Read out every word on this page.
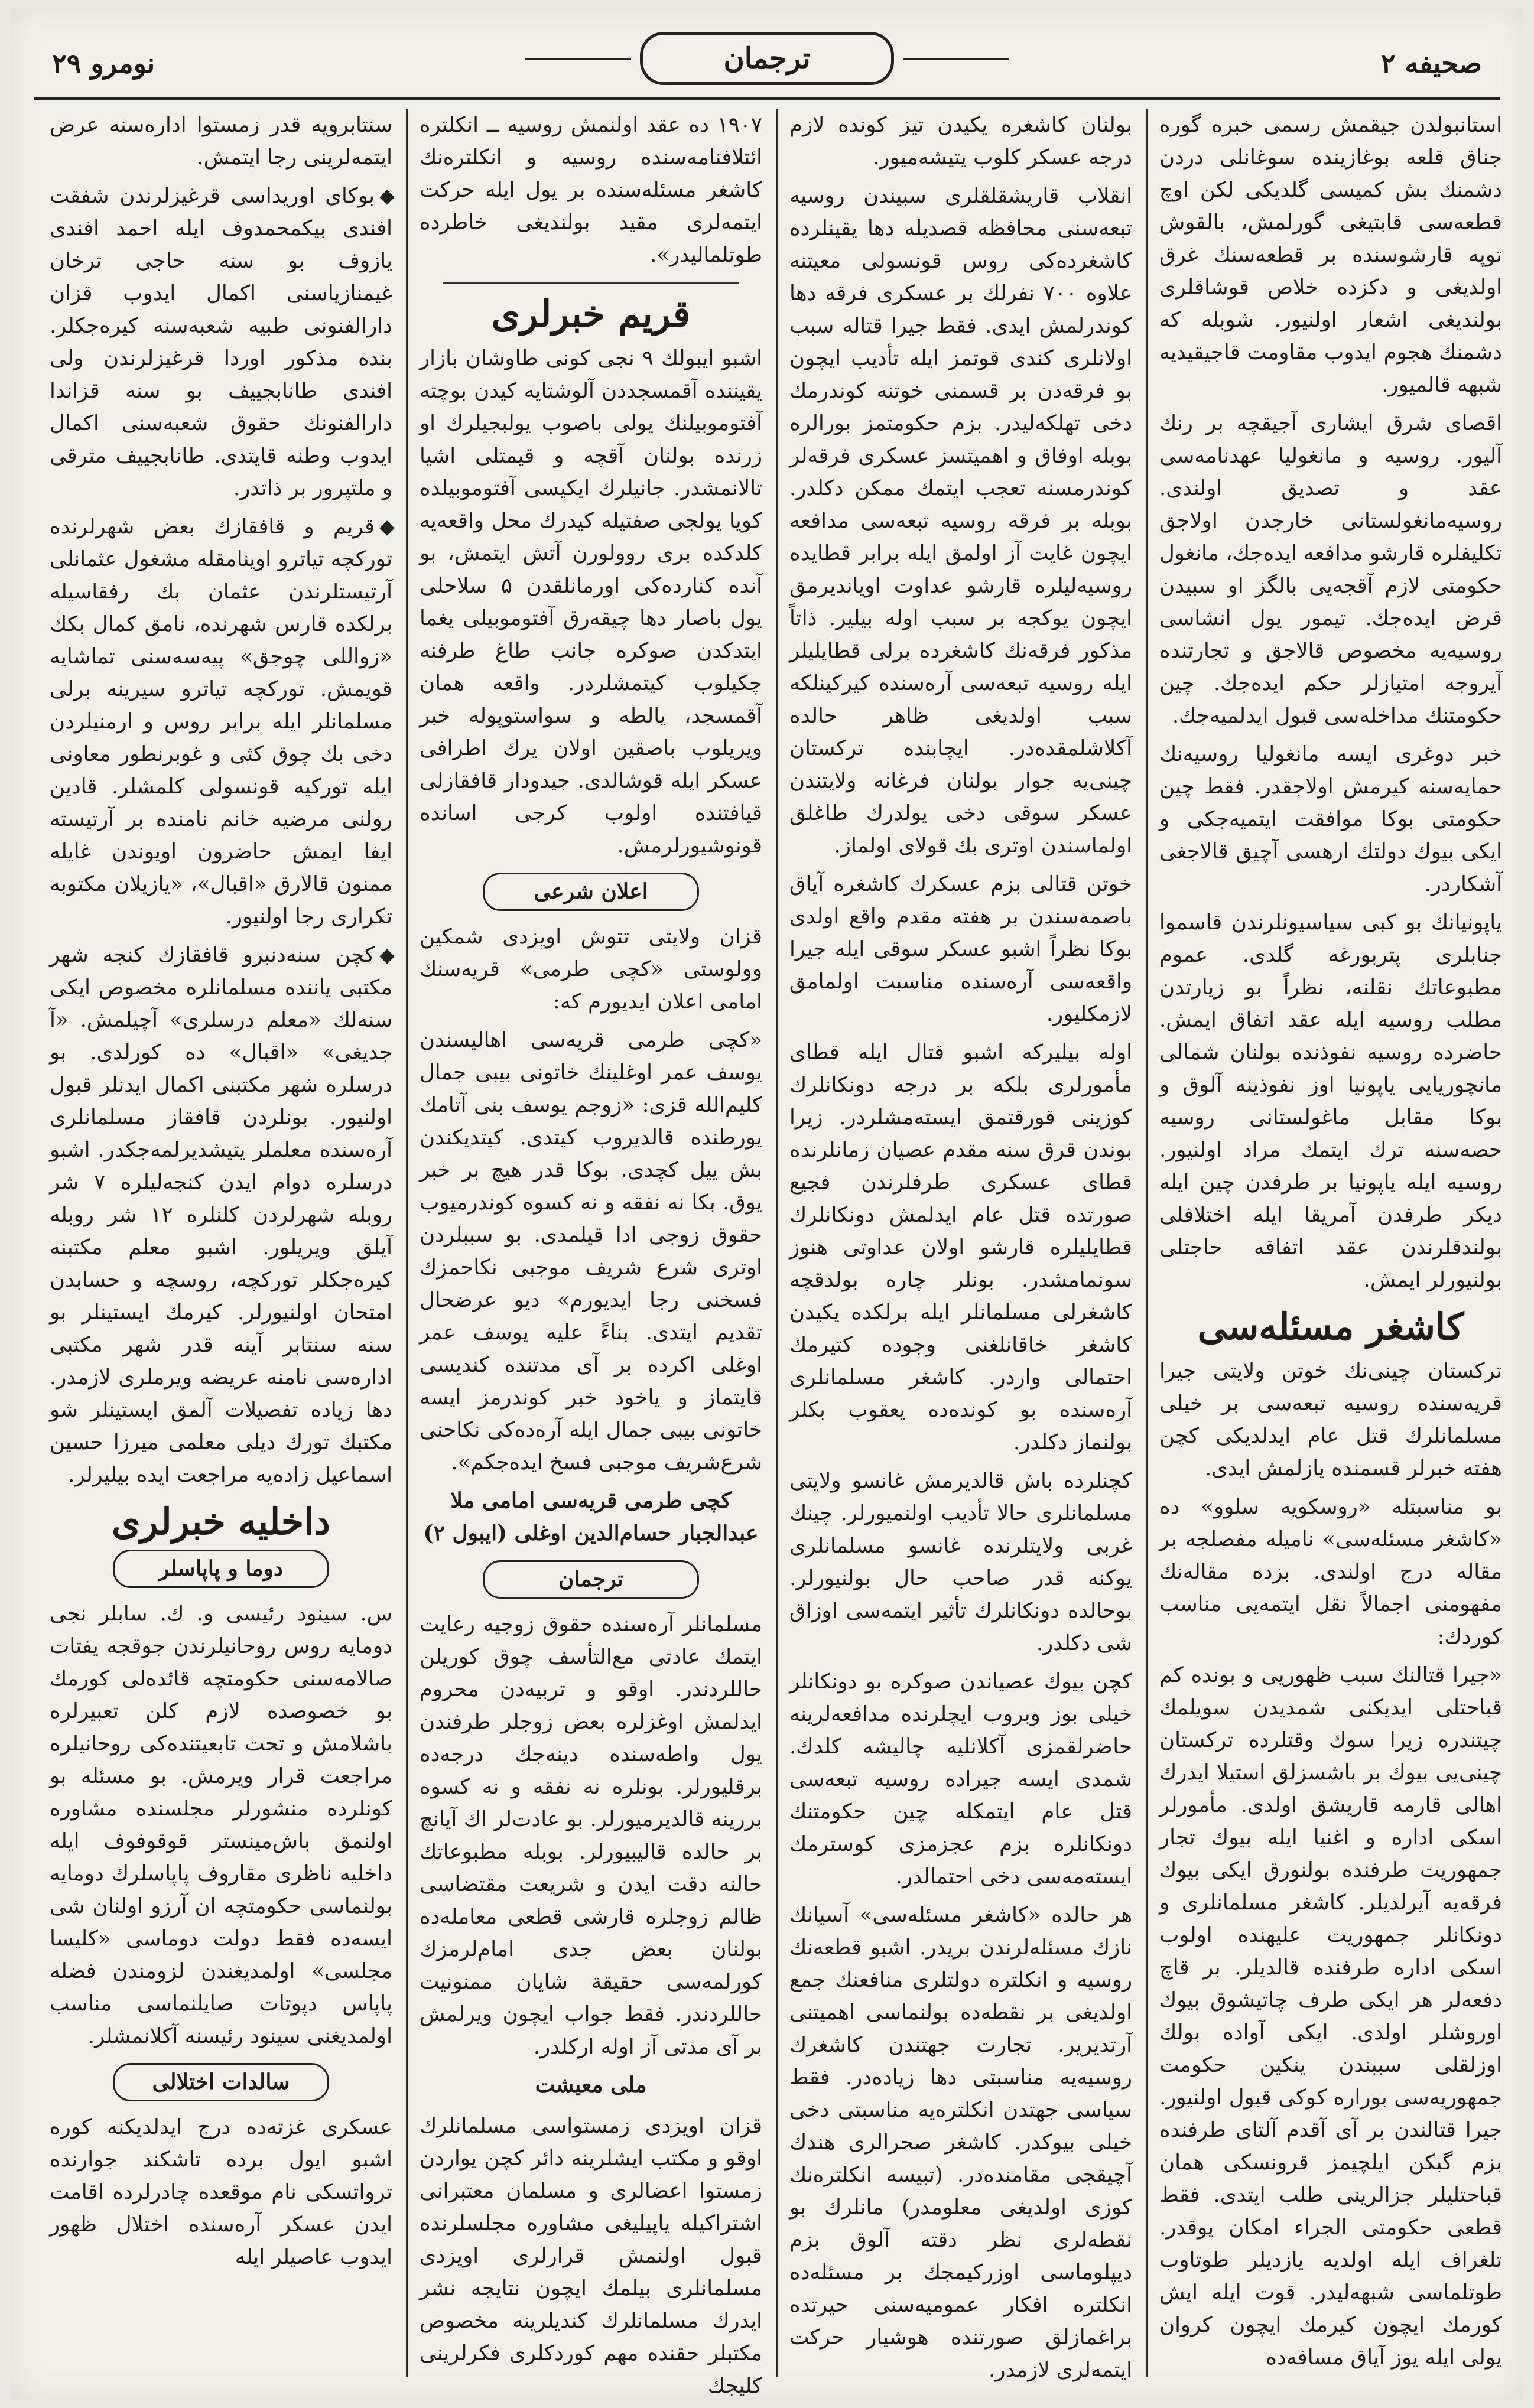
صحیفه ۲
ترجمان
نومرو ۲۹

استانبولدن جیقمش رسمی خبره گوره جناق قلعه بوغازینده سوغانلی دردن دشمنك بش کمیسی گلدیکی لکن اوچ قطعه‌سی قابتیغی گورلمش، بالقوش توپه قارشوسنده بر قطعه‌سنك غرق اولدیغی و دکزده خلاص قوشاقلری بولندیغی اشعار اولنیور. شوبله که دشمنك هجوم ایدوب مقاومت قاجیقیدیه شبهه قالمیور.

اقصای شرق ایشاری آجیقچه بر رنك آلیور. روسیه و مانغولیا عهدنامه‌سی عقد و تصدیق اولندی. روسیه‌مانغولستانی خارجدن اولاجق تکلیفلره قارشو مدافعه ایده‌جك، مانغول حکومتی لازم آقجه‌یی بالگز او سبیدن قرض ایده‌جك. تیمور یول انشاسی روسیه‌یه مخصوص قالاجق و تجارتنده آیروجه امتیازلر حکم ایده‌جك. چین حکومتنك مداخله‌سی قبول ایدلمیه‌جك.

خبر دوغری ایسه مانغولیا روسیه‌نك حمایه‌سنه کیرمش اولاجقدر. فقط چین حکومتی بوکا موافقت ایتمیه‌جکی و ایکی بیوك دولتك ارهسی آچیق قالاجغی آشکاردر.

یاپونیانك بو کبی سیاسیونلرندن قاسموا جنابلری پتربورغه گلدی. عموم مطبوعاتك نقلنه، نظراً بو زیارتدن مطلب روسیه ایله عقد اتفاق ایمش. حاضرده روسیه نفوذنده بولنان شمالی مانچوریایی یاپونیا اوز نفوذینه آلوق و بوکا مقابل ماغولستانی روسیه حصه‌سنه ترك ایتمك مراد اولنیور. روسیه ایله یاپونیا بر طرفدن چین ایله دیکر طرفدن آمریقا ایله اختلافلی بولندقلرندن عقد اتفاقه حاجتلی بولنیورلر ایمش.

کاشغر مسئله‌سی

ترکستان چینی‌نك خوتن ولایتی جیرا قریه‌سنده روسیه تبعه‌سی بر خیلی مسلمانلرك قتل عام ایدلدیکی کچن هفته خبرلر قسمنده یازلمش ایدی.

بو مناسبتله «روسکویه سلوو» ده «کاشغر مسئله‌سی» نامیله مفصلجه بر مقاله درج اولندی. بزده مقاله‌نك مفهومنی اجمالاً نقل ایتمه‌یی مناسب کوردك:

«جیرا قتالنك سبب ظهوریی و بونده کم قباحتلی ایدیکنی شمدیدن سویلمك چیتندره زیرا سوك وقتلرده ترکستان چینی‌یی بیوك بر باشسزلق استیلا ایدرك اهالی قارمه قاریشق اولدی. مأمورلر اسکی اداره و اغنیا ایله بیوك تجار جمهوریت طرفنده بولنورق ایکی بیوك فرقه‌یه آیرلدیلر. کاشغر مسلمانلری و دونکانلر جمهوریت علیهنده اولوب اسکی اداره طرفنده قالدیلر. بر قاچ دفعه‌لر هر ایکی طرف چاتیشوق بیوك اوروشلر اولدی. ایکی آواده بولك اوزلقلی سببندن ینکین حکومت جمهوریه‌سی بوراره کوکی قبول اولنیور. جیرا قتالندن بر آی آقدم آلتای طرفنده بزم گبکن ایلچیمز قرونسکی همان قباحتلیلر جزالرینی طلب ایتدی. فقط قطعی حکومتی الجراء امکان یوقدر. تلغراف ایله اولدیه یازدیلر طوتاوب طوتلماسی شبهه‌لیدر. قوت ایله ایش کورمك ایچون کیرمك ایچون کروان یولی ایله یوز آیاق مسافه‌ده

بولنان کاشغره یکیدن تیز کونده لازم درجه عسکر کلوب یتیشه‌میور.

انقلاب قاریشقلقلری سبیندن روسیه تبعه‌سنی محافظه قصدیله دها یقینلرده کاشغرده‌کی روس قونسولی معیتنه علاوه ۷۰۰ نفرلك بر عسکری فرقه دها کوندرلمش ایدی. فقط جیرا قتاله سبب اولانلری کندی قوتمز ایله تأدیب ایچون بو فرقه‌دن بر قسمنی خوتنه کوندرمك دخی تهلکه‌لیدر. بزم حکومتمز بورالره بوبله اوفاق و اهمیتسز عسکری فرقه‌لر کوندرمسنه تعجب ایتمك ممکن دکلدر. بوبله بر فرقه روسیه تبعه‌سی مدافعه ایچون غایت آز اولمق ایله برابر قطایده روسیه‌لیلره قارشو عداوت اویاندیرمق ایچون یوکجه بر سبب اوله بیلیر. ذاتاً مذکور فرقه‌نك کاشغرده برلی قطایلیلر ایله روسیه تبعه‌سی آره‌سنده کیرکینلکه سبب اولدیغی ظاهر حالده آکلاشلمقده‌در. ایچابنده ترکستان چینی‌یه جوار بولنان فرغانه ولایتندن عسکر سوقی دخی یولدرك طاغلق اولماسندن اوتری بك قولای اولماز.

خوتن قتالی بزم عسکرك کاشغره آیاق باصمه‌سندن بر هفته مقدم واقع اولدی بوکا نظراً اشبو عسکر سوقی ایله جیرا واقعه‌سی آره‌سنده مناسبت اولمامق لازمکلیور.

اوله بیلیرکه اشبو قتال ایله قطای مأمورلری بلکه بر درجه دونکانلرك کوزینی قورقتمق ایسته‌مشلردر. زیرا بوندن قرق سنه مقدم عصیان زمانلرنده قطای عسکری طرفلرندن فجیع صورتده قتل عام ایدلمش دونکانلرك قطایلیلره قارشو اولان عداوتی هنوز سونمامشدر. بونلر چاره بولدقچه کاشغرلی مسلمانلر ایله برلکده یکیدن کاشغر خاقانلغنی وجوده کتیرمك احتمالی واردر. کاشغر مسلمانلری آره‌سنده بو کونده‌ده یعقوب بکلر بولنماز دکلدر.

کچنلرده باش قالدیرمش غانسو ولایتی مسلمانلری حالا تأدیب اولنمیورلر. چینك غربی ولایتلرنده غانسو مسلمانلری یوکنه قدر صاحب حال بولنیورلر. بوحالده دونکانلرك تأثیر ایتمه‌سی اوزاق شی دکلدر.

کچن بیوك عصیاندن صوکره بو دونکانلر خیلی بوز وبروب ایچلرنده مدافعه‌لرینه حاضرلقمزی آکلانلیه چالیشه کلدك. شمدی ایسه جیرا‌ده روسیه تبعه‌سی قتل عام ایتمکله چین حکومتنك دونکانلره بزم عجزمزی کوسترمك ایسته‌مه‌سی دخی احتمالدر.

هر حالده «کاشغر مسئله‌سی» آسیانك نازك مسئله‌لرندن بریدر. اشبو قطعه‌نك روسیه و انکلتره دولتلری منافعنك جمع اولدیغی بر نقطه‌ده بولنماسی اهمیتنی آرتدیریر. تجارت جهتندن کاشغرك روسیه‌یه مناسبتی دها زیاده‌در. فقط سیاسی جهتدن انکلتره‌یه مناسبتی دخی خیلی بیوکدر. کاشغر صحرالری هندك آچیقجی مقامنده‌در. (تبیسه انکلتره‌نك کوزی اولدیغی معلومدر) مانلرك بو نقطه‌لری نظر دقته آلوق بزم دیپلوماسی اوزرکیمجك بر مسئله‌ده انکلتره افکار عمومیه‌سنی حیرتده براغمازلق صورتنده هوشیار حرکت ایتمه‌لری لازمدر.

۱۹۰۷ ده عقد اولنمش روسیه ــ انکلتره ائتلافنامه‌سنده روسیه و انکلتره‌نك کاشغر مسئله‌سنده بر یول ایله حرکت ایتمه‌لری مقید بولندیغی خاطرده طوتلمالیدر».

قریم خبرلری

اشبو ایبولك ۹ نجی کونی طاوشان بازار یقیننده آقمسجددن آلوشتایه کیدن بوچته آفتوموبیلنك یولی باصوب یولبجیلرك او زرنده بولنان آقچه و قیمتلی اشیا تالانمشدر. جانیلرك ایکیسی آفتوموبیلده کویا یولجی صفتیله کیدرك محل واقعه‌یه کلدکده بری روولورن آتش ایتمش، بو آنده کنارده‌کی اورمانلقدن ۵ سلاحلی یول باصار دها چیقه‌رق آفتوموبیلی یغما ایتدکدن صوکره جانب طاغ طرفنه چکیلوب کیتمشلردر. واقعه همان آقمسجد، یالطه و سواستوپوله خبر ویریلوب باصقین اولان یرك اطرافی عسکر ایله قوشالدی. جیدودار قافقازلی قیافتنده اولوب کرجی اسانده قونوشیورلرمش.

اعلان شرعی

قزان ولایتی تتوش اویزدی شمکین وولوستی «کچی طرمی» قریه‌سنك امامی اعلان ایدیورم که:

«کچی طرمی قریه‌سی اهالیسندن یوسف عمر اوغلینك خاتونی بیبی جمال کلیم‌الله قزی: «زوجم یوسف بنی آتامك یورطنده قالدیروب کیتدی. کیتدیکندن بش ییل کچدی. بوکا قدر هیچ بر خبر یوق. بکا نه نفقه و نه کسوه کوندرمیوب حقوق زوجی ادا قیلمدی. بو سببلردن اوتری شرع شریف موجبی نکاحمزك فسخنی رجا ایدیورم» دیو عرضحال تقدیم ایتدی. بناءً علیه یوسف عمر اوغلی اکرده بر آی مدتنده کندیسی قایتماز و یاخود خبر کوندرمز ایسه خاتونی بیبی جمال ایله آره‌ده‌کی نکاحنی شرع‌شریف موجبی فسخ ایده‌جکم».

کچی طرمی قریه‌سی امامی ملا عبدالجبار حسام‌الدین اوغلی (ایبول ۲)
ترجمان

مسلمانلر آره‌سنده حقوق زوجیه رعایت ایتمك عادتی مع‌التأسف چوق کوریلن حاللردندر. اوقو و تربیه‌دن محروم ایدلمش اوغزلره بعض زوجلر طرفندن یول واطه‌سنده دینه‌جك درجه‌ده برقلیورلر. بونلره نه نفقه و نه کسوه بررینه قالدیرمیورلر. بو عادت‌لر اك آیانچ بر حالده قالیبیورلر. بوبله مطبوعاتك حالنه دقت ایدن و شریعت مقتضاسی ظالم زوجلره قارشی قطعی معامله‌ده بولنان بعض جدی امام‌لرمزك کورلمه‌سی حقیقة شایان ممنونیت حاللردندر. فقط جواب ایچون ویرلمش بر آی مدتی آز اوله ارکلدر.

ملی معیشت

قزان اویزدی زمستواسی مسلمانلرك اوقو و مکتب ایشلرینه دائر کچن یواردن زمستوا اعضالری و مسلمان معتبرانی اشتراکیله یاپیلیغی مشاوره مجلسلرنده قبول اولنمش قرارلری اویزدی مسلمانلری بیلمك ایچون نتایجه نشر ایدرك مسلمانلرك کندیلرینه مخصوص مکتبلر حقنده مهم کوردکلری فکرلرینی کلیجك

سنتابرویه قدر زمستوا اداره‌سنه عرض ایتمه‌لرینی رجا ایتمش.

بوکای اوریداسی قرغیزلرندن شفقت افندی بیکمحمدوف ایله احمد افندی یازوف بو سنه حاجی ترخان غیمنازیاسنی اکمال ایدوب قزان دارالفنونی طبیه شعبه‌سنه کیره‌جکلر. بنده مذکور اوردا قرغیزلرندن ولی افندی طانابجییف بو سنه قزاندا دارالفنونك حقوق شعبه‌سنی اکمال ایدوب وطنه قایتدی. طانابجییف مترقی و ملتپرور بر ذاتدر.

قریم و قافقازك بعض شهرلرنده تورکچه تیاترو اوینامقله مشغول عثمانلی آرتیستلرندن عثمان بك رفقاسیله برلکده قارس شهرنده، نامق کمال بکك «زواللی چوجق» پیه‌سه‌سنی تماشایه قویمش. تورکچه تیاترو سیرینه برلی مسلمانلر ایله برابر روس و ارمنیلردن دخی بك چوق کثی و غوبرنطور معاونی ایله تورکیه قونسولی کلمشلر. قادین رولنی مرضیه خانم نامنده بر آرتیسته ایفا ایمش حاضرون اویوندن غایله ممنون قالارق «اقبال»، «یازیلان مکتوبه تکراری رجا اولنیور.

کچن سنه‌دنبرو قافقازك کنجه شهر مکتبی یاننده مسلمانلره مخصوص ایکی سنه‌لك «معلم درسلری» آچیلمش. «آ جدیغی» «اقبال» ده کورلدی. بو درسلره شهر مکتبنی اکمال ایدنلر قبول اولنیور. بونلردن قافقاز مسلمانلری آره‌سنده معلملر یتیشدیرلمه‌جکدر. اشبو درسلره دوام ایدن کنجه‌لیلره ۷ شر روبله شهرلردن کلنلره ۱۲ شر روبله آیلق ویریلور. اشبو معلم مکتبنه کیره‌جکلر تورکچه، روسچه و حسابدن امتحان اولنیورلر. کیرمك ایستینلر بو سنه سنتابر آینه قدر شهر مکتبی اداره‌سی نامنه عریضه ویرملری لازمدر. دها زیاده تفصیلات آلمق ایستینلر شو مکتبك تورك دیلی معلمی میرزا حسین اسماعیل زاده‌یه مراجعت ایده بیلیرلر.

داخلیه خبرلری
دوما و پاپاسلر

س. سینود رئیسی و. ك. سابلر نجی دومایه روس روحانیلرندن جوقجه یفتات صالامه‌سنی حکومتچه قائده‌لی کورمك بو خصوصده لازم کلن تعبیرلره باشلامش و تحت تابعیتنده‌کی روحانیلره مراجعت قرار ویرمش. بو مسئله بو کونلرده منشورلر مجلسنده مشاوره اولنمق باش‌مینستر قوقوفوف ایله داخلیه ناظری مقاروف پاپاسلرك دومایه بولنماسی حکومتچه ان آرزو اولنان شی ایسه‌ده فقط دولت دوماسی «کلیسا مجلسی» اولمدیغندن لزومندن فضله پاپاس دپوتات صایلنماسی مناسب اولمدیغنی سینود رئیسنه آکلانمشلر.

سالدات اختلالی

عسکری غزته‌ده درج ایدلدیکنه کوره اشبو ایول برده تاشکند جوارنده ترواتسکی نام موقعده چادرلرده اقامت ایدن عسکر آره‌سنده اختلال ظهور ایدوب عاصیلر ایله
